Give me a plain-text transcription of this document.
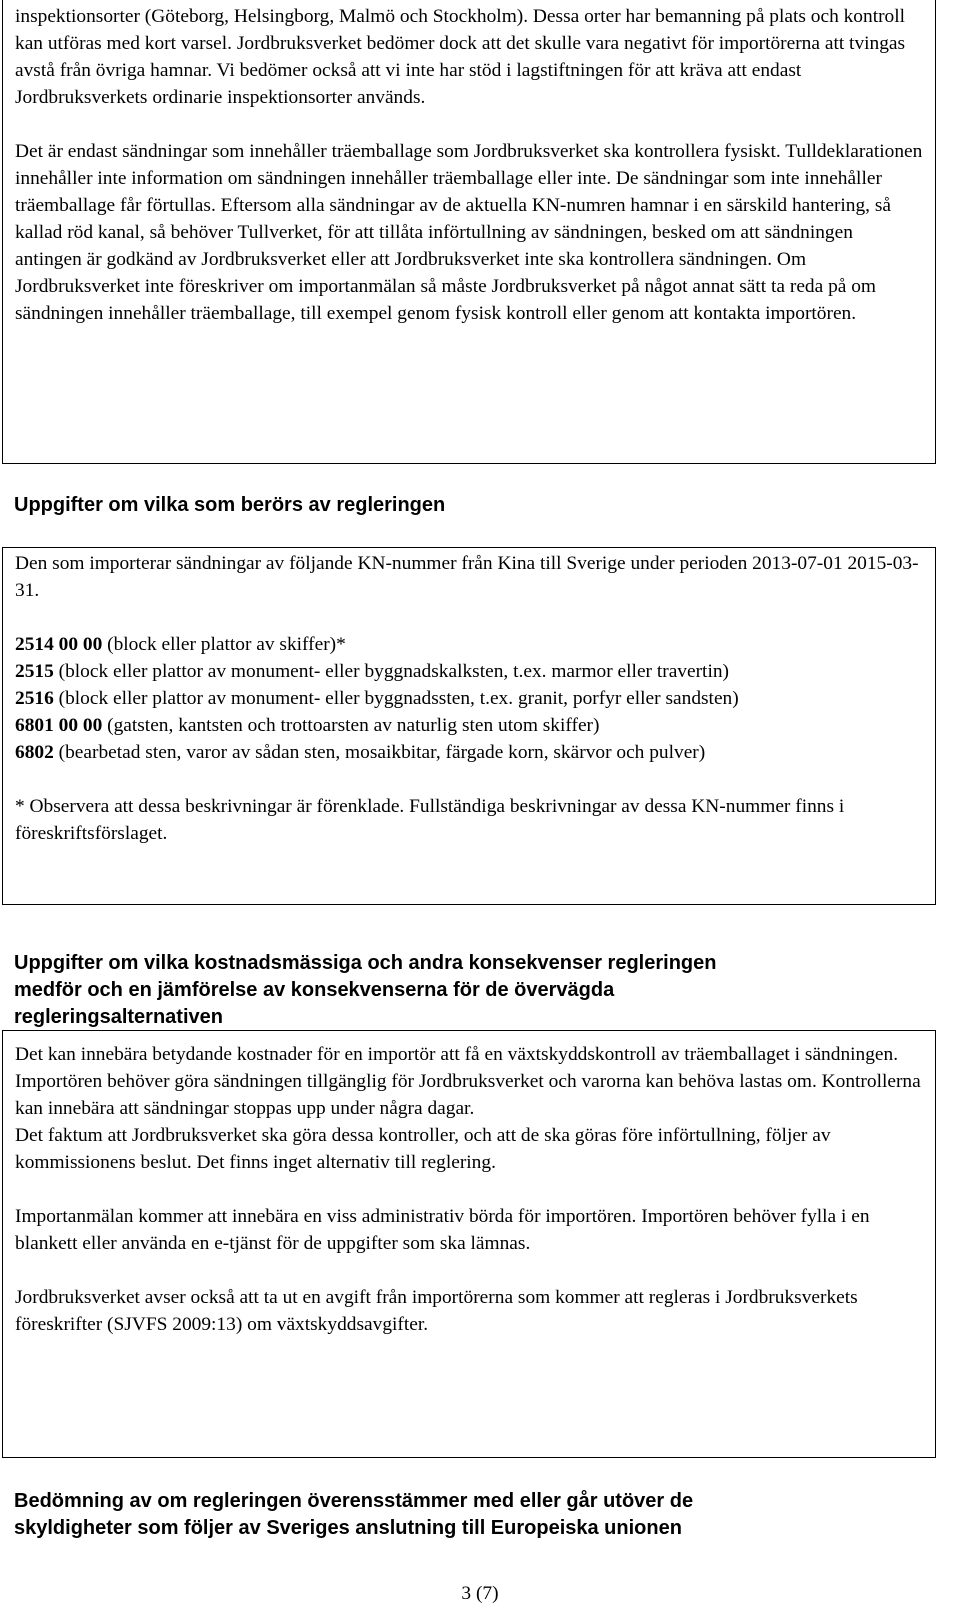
inspektionsorter (Göteborg, Helsingborg, Malmö och Stockholm). Dessa orter har bemanning på plats och kontroll kan utföras med kort varsel. Jordbruksverket bedömer dock att det skulle vara negativt för importörerna att tvingas avstå från övriga hamnar. Vi bedömer också att vi inte har stöd i lagstiftningen för att kräva att endast Jordbruksverkets ordinarie inspektionsorter används.

Det är endast sändningar som innehåller träemballage som Jordbruksverket ska kontrollera fysiskt. Tulldeklarationen innehåller inte information om sändningen innehåller träemballage eller inte. De sändningar som inte innehåller träemballage får förtullas. Eftersom alla sändningar av de aktuella KN-numren hamnar i en särskild hantering, så kallad röd kanal, så behöver Tullverket, för att tillåta införtullning av sändningen, besked om att sändningen antingen är godkänd av Jordbruksverket eller att Jordbruksverket inte ska kontrollera sändningen. Om Jordbruksverket inte föreskriver om importanmälan så måste Jordbruksverket på något annat sätt ta reda på om sändningen innehåller träemballage, till exempel genom fysisk kontroll eller genom att kontakta importören.

Uppgifter om vilka som berörs av regleringen

Den som importerar sändningar av följande KN-nummer från Kina till Sverige under perioden 2013-07-01 2015-03-31.

2514 00 00 (block eller plattor av skiffer)*

2515 (block eller plattor av monument- eller byggnadskalksten, t.ex. marmor eller travertin)

2516 (block eller plattor av monument- eller byggnadssten, t.ex. granit, porfyr eller sandsten)

6801 00 00 (gatsten, kantsten och trottoarsten av naturlig sten utom skiffer)

6802 (bearbetad sten, varor av sådan sten, mosaikbitar, färgade korn, skärvor och pulver)

* Observera att dessa beskrivningar är förenklade. Fullständiga beskrivningar av dessa KN-nummer finns i föreskriftsförslaget.

Uppgifter om vilka kostnadsmässiga och andra konsekvenser regleringen
medför och en jämförelse av konsekvenserna för de övervägda
regleringsalternativen

Det kan innebära betydande kostnader för en importör att få en växtskyddskontroll av träemballaget i sändningen. Importören behöver göra sändningen tillgänglig för Jordbruksverket och varorna kan behöva lastas om. Kontrollerna kan innebära att sändningar stoppas upp under några dagar.

Det faktum att Jordbruksverket ska göra dessa kontroller, och att de ska göras före införtullning, följer av kommissionens beslut. Det finns inget alternativ till reglering.

Importanmälan kommer att innebära en viss administrativ börda för importören. Importören behöver fylla i en blankett eller använda en e-tjänst för de uppgifter som ska lämnas.

Jordbruksverket avser också att ta ut en avgift från importörerna som kommer att regleras i Jordbruksverkets föreskrifter (SJVFS 2009:13) om växtskyddsavgifter.

Bedömning av om regleringen överensstämmer med eller går utöver de
skyldigheter som följer av Sveriges anslutning till Europeiska unionen
3 (7)
